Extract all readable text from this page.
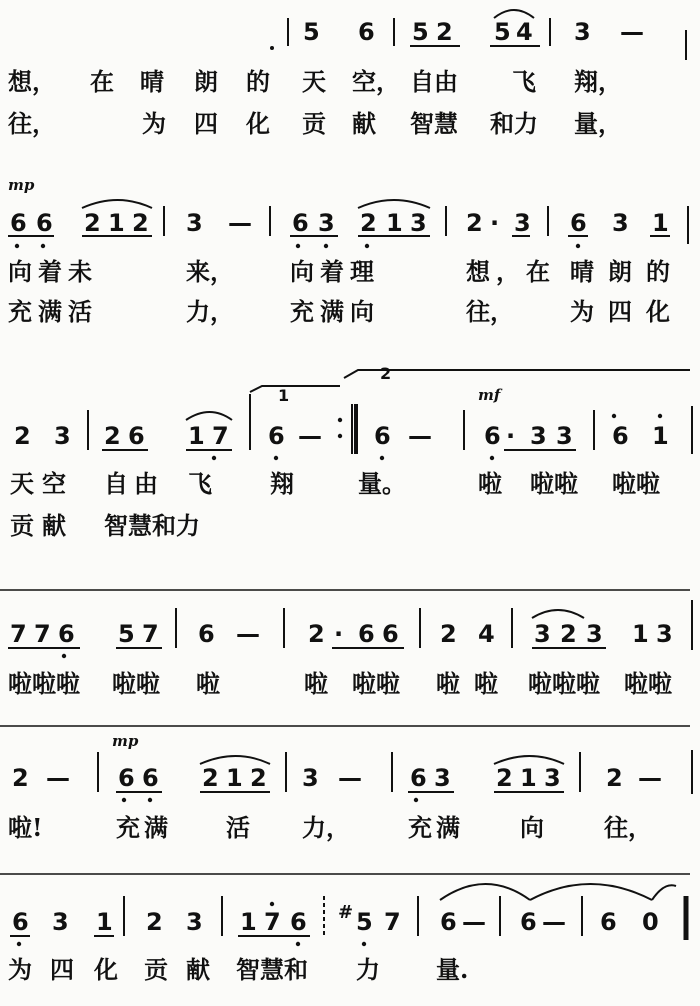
5 6 5 2 5 4 3 —
想， 在 晴 朗 的 天 空， 自由 飞 翔，
往，	为 四 化 贡 献 智慧 和力 量，
mp
6 6 2 1 2 3 — 6 3 2 1 3 2 · 3 6 3 1
向着未	来， 向着理	想，在 晴朗的
充满活	力， 充满向	往， 为四化
1
2
mf
2 3 2 6 1 7 6 — 6 — 6 · 3 3 6 1
天空 自由 飞 翔	量。	啦 啦啦 啦啦
贡献 智慧和力
7 7 6 5 7 6 — 2 · 6 6 2 4 3 2 3 1 3
啦啦啦 啦啦 啦	啦 啦啦 啦 啦 啦啦啦 啦啦
mp
2 — 6 6 2 1 2 3 — 6 3 2 1 3 2 —
啦!	充满 活 力， 充满 向	往，
6 3 1 2 3 1 7 6 # 5 7 6 — 6 — 6 0
为 四 化 贡 献 智慧和 力 量.
